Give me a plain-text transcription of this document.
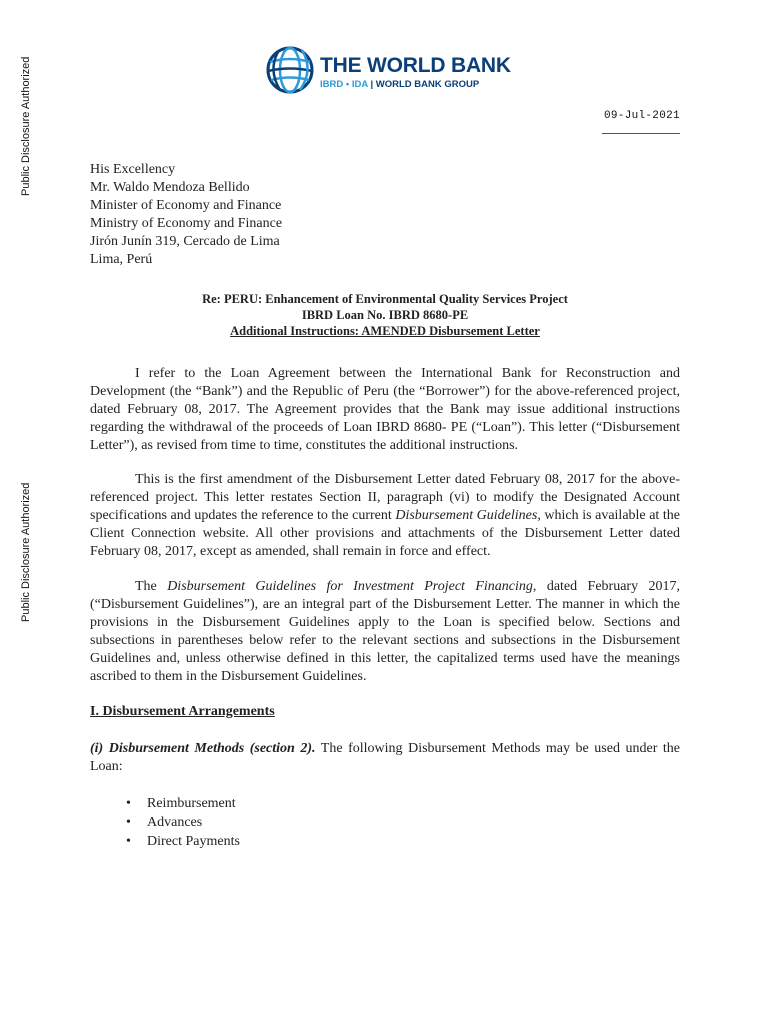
Public Disclosure Authorized
Public Disclosure Authorized
THE WORLD BANK
IBRD • IDA | WORLD BANK GROUP
09-Jul-2021
His Excellency
Mr. Waldo Mendoza Bellido
Minister of Economy and Finance
Ministry of Economy and Finance
Jirón Junín 319, Cercado de Lima
Lima, Perú
Re: PERU: Enhancement of Environmental Quality Services Project
IBRD Loan No. IBRD 8680-PE
Additional Instructions: AMENDED Disbursement Letter
I refer to the Loan Agreement between the International Bank for Reconstruction and Development (the “Bank”) and the Republic of Peru (the “Borrower”) for the above-referenced project, dated February 08, 2017. The Agreement provides that the Bank may issue additional instructions regarding the withdrawal of the proceeds of Loan IBRD 8680- PE (“Loan”). This letter (“Disbursement Letter”), as revised from time to time, constitutes the additional instructions.
This is the first amendment of the Disbursement Letter dated February 08, 2017 for the above-referenced project. This letter restates Section II, paragraph (vi) to modify the Designated Account specifications and updates the reference to the current Disbursement Guidelines, which is available at the Client Connection website. All other provisions and attachments of the Disbursement Letter dated February 08, 2017, except as amended, shall remain in force and effect.
The Disbursement Guidelines for Investment Project Financing, dated February 2017, (“Disbursement Guidelines”), are an integral part of the Disbursement Letter. The manner in which the provisions in the Disbursement Guidelines apply to the Loan is specified below. Sections and subsections in parentheses below refer to the relevant sections and subsections in the Disbursement Guidelines and, unless otherwise defined in this letter, the capitalized terms used have the meanings ascribed to them in the Disbursement Guidelines.
I. Disbursement Arrangements
(i) Disbursement Methods (section 2). The following Disbursement Methods may be used under the Loan:
• Reimbursement
• Advances
• Direct Payments
